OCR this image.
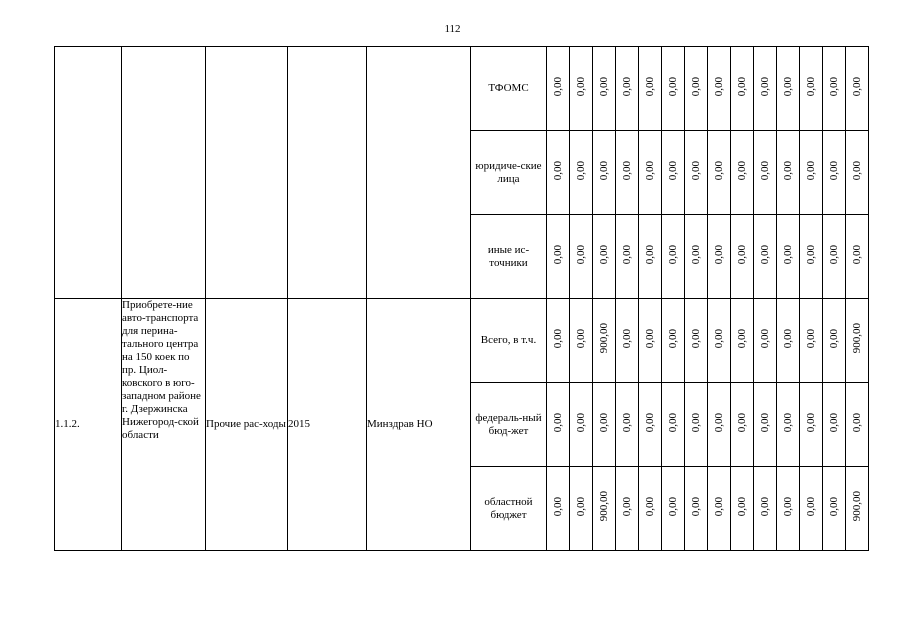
112
					ТФОМС	0,00	0,00	0,00	0,00	0,00	0,00	0,00	0,00	0,00	0,00	0,00	0,00	0,00	0,00
					юридиче-ские лица	0,00	0,00	0,00	0,00	0,00	0,00	0,00	0,00	0,00	0,00	0,00	0,00	0,00	0,00
					иные ис-точники	0,00	0,00	0,00	0,00	0,00	0,00	0,00	0,00	0,00	0,00	0,00	0,00	0,00	0,00
1.1.2.	Приобрете-ние авто-транспорта для перина-тального центра на 150 коек по пр. Циол-ковского в юго-западном районе г. Дзержинска Нижегород-ской области	Прочие рас-ходы	2015	Минздрав НО	Всего, в т.ч.	0,00	0,00	900,00	0,00	0,00	0,00	0,00	0,00	0,00	0,00	0,00	0,00	0,00	900,00
					федераль-ный бюд-жет	0,00	0,00	0,00	0,00	0,00	0,00	0,00	0,00	0,00	0,00	0,00	0,00	0,00	0,00
					областной бюджет	0,00	0,00	900,00	0,00	0,00	0,00	0,00	0,00	0,00	0,00	0,00	0,00	0,00	900,00
